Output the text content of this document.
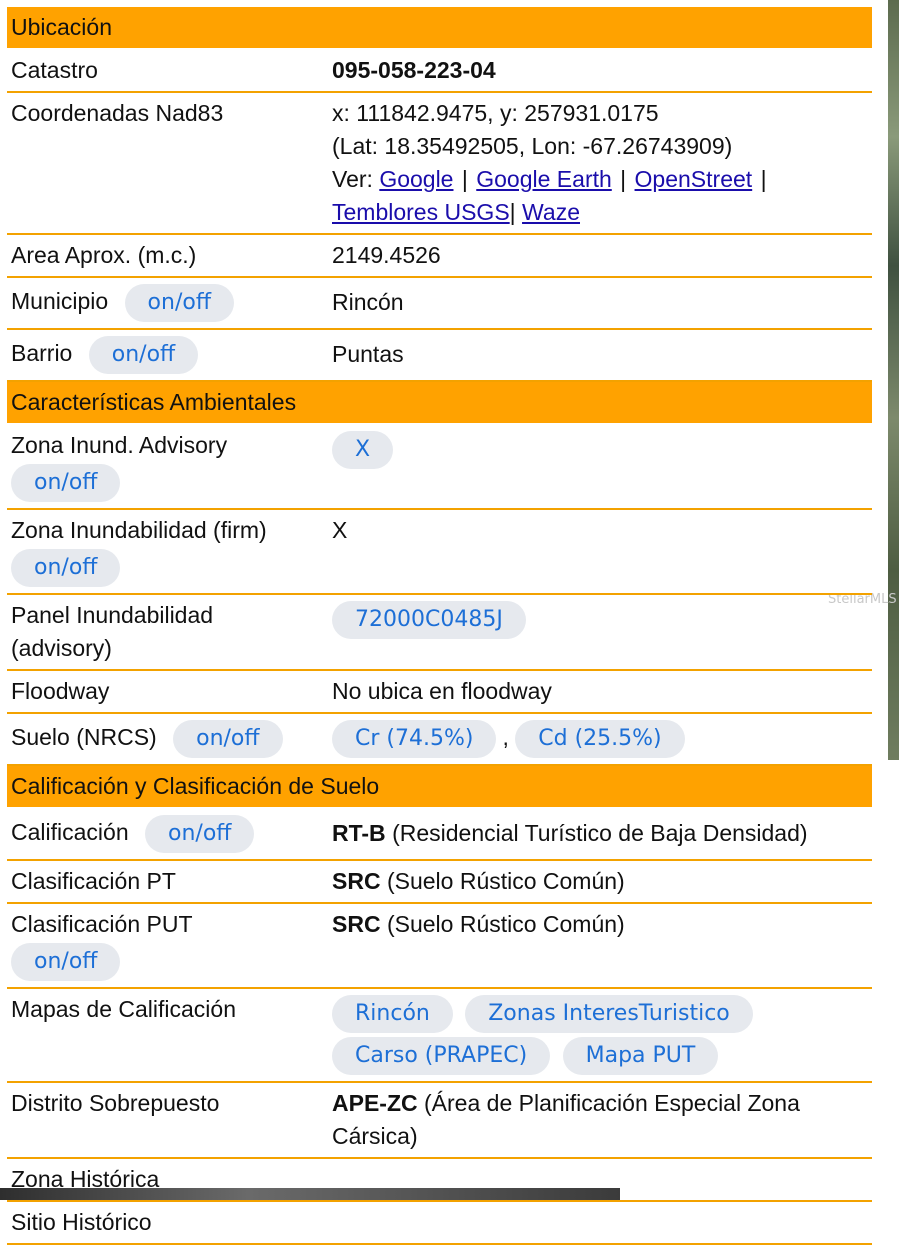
StellarMLS
Ubicación	
Catastro	095-058-223-04
Coordenadas Nad83	x: 111842.9475, y: 257931.0175
(Lat: 18.35492505, Lon: -67.26743909)
Ver: Google | Google Earth | OpenStreet |
Temblores USGS| Waze

Area Aprox. (m.c.)	2149.4526
Municipio on/off	Rincón
Barrio on/off	Puntas
Características Ambientales	

Zona Inund. Advisory
on/off	X

Zona Inundabilidad (firm)
on/off	X

Panel Inundabilidad
(advisory)	72000C0485J
Floodway	No ubica en floodway
Suelo (NRCS) on/off	Cr (74.5%) , Cd (25.5%)
Calificación y Clasificación de Suelo	
Calificación on/off	RT-B (Residencial Turístico de Baja Densidad)
Clasificación PT	SRC (Suelo Rústico Común)

Clasificación PUT
on/off	SRC (Suelo Rústico Común)
Mapas de Calificación	Rincón Zonas InteresTuristico Carso (PRAPEC) Mapa PUT
Distrito Sobrepuesto	APE-ZC (Área de Planificación Especial Zona Cársica)
Zona Histórica	
Sitio Histórico	
